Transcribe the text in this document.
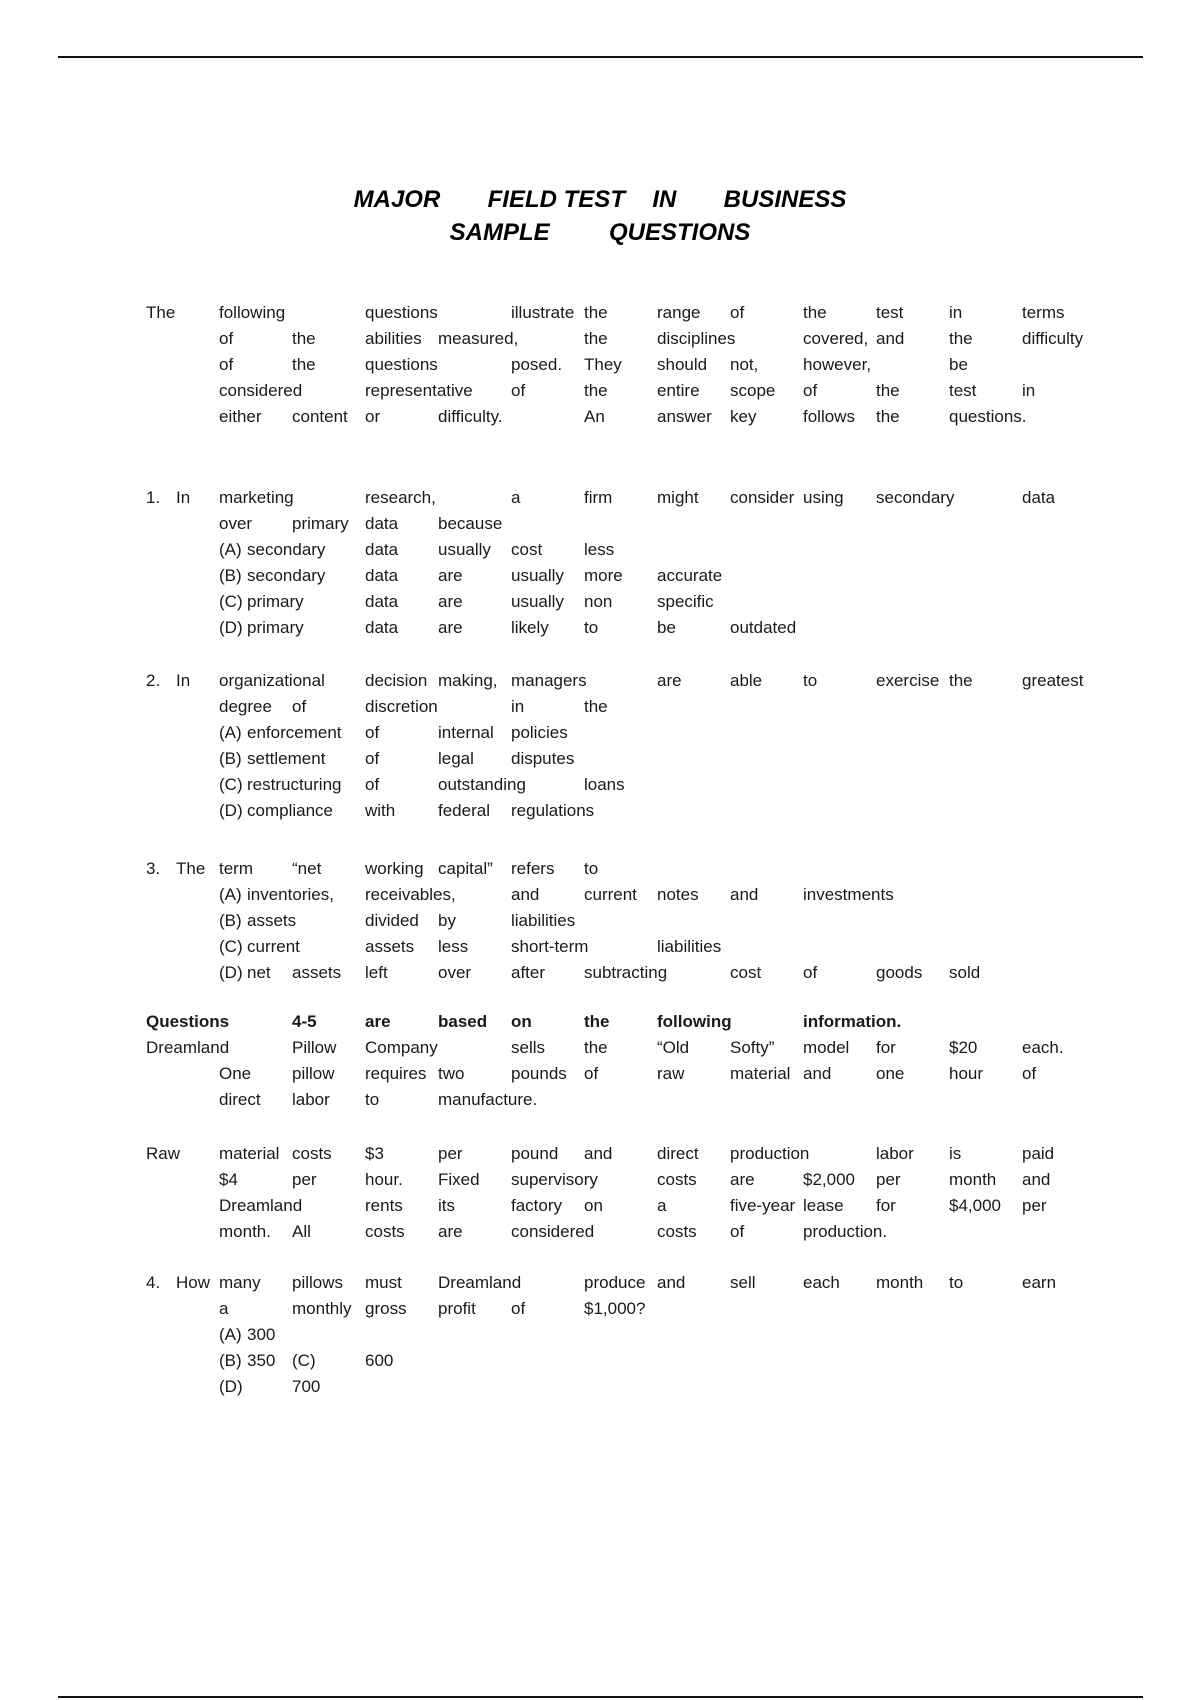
MAJOR FIELD TEST IN BUSINESS
SAMPLE QUESTIONS
The	following	questions	illustrate the	range of	the	test	in	terms
of	the	abilities measured,	the	disciplines	covered, and	the	difficulty
of	the	questions	posed. They should not,	however,	be
considered	representative of	the	entire scope of	the	test	in
either content or	difficulty.	An	answer key	follows the	questions.
1. In marketing	research,	a	firm	might consider using secondary	data
over primary data because
(A) secondary data usually cost less
(B) secondary data are	usually more accurate
(C) primary	data are	usually non	specific
(D) primary	data are	likely to	be	outdated
2. In organizational decision making, managers	are	able to	exercise the	greatest
degree of	discretion	in	the
(A) enforcement of	internal policies
(B) settlement of	legal disputes
(C) restructuring of	outstanding	loans
(D) compliance with	federal regulations
3. The term “net	working capital” refers to
(A) inventories, receivables,	and	current notes and	investments
(B) assets	divided by	liabilities
(C) current	assets less	short-term	liabilities
(D) net assets left	over after subtracting	cost of	goods sold
Questions	4-5	are	based on	the	following	information.
Dreamland	Pillow Company	sells the	“Old Softy” model for	$20	each.
One pillow requires two	pounds of	raw	material and	one	hour of
direct labor to	manufacture.
Raw material costs $3	per	pound and	direct production	labor is	paid
$4	per	hour. Fixed supervisory	costs are	$2,000 per	month and
Dreamland	rents its	factory on	a	five-year lease for	$4,000 per
month. All	costs are	considered	costs of	production.
4. How many pillows must Dreamland	produce and	sell	each month to	earn
a	monthly gross profit of	$1,000?
(A) 300
(B) 350 (C)	600
(D)	700
